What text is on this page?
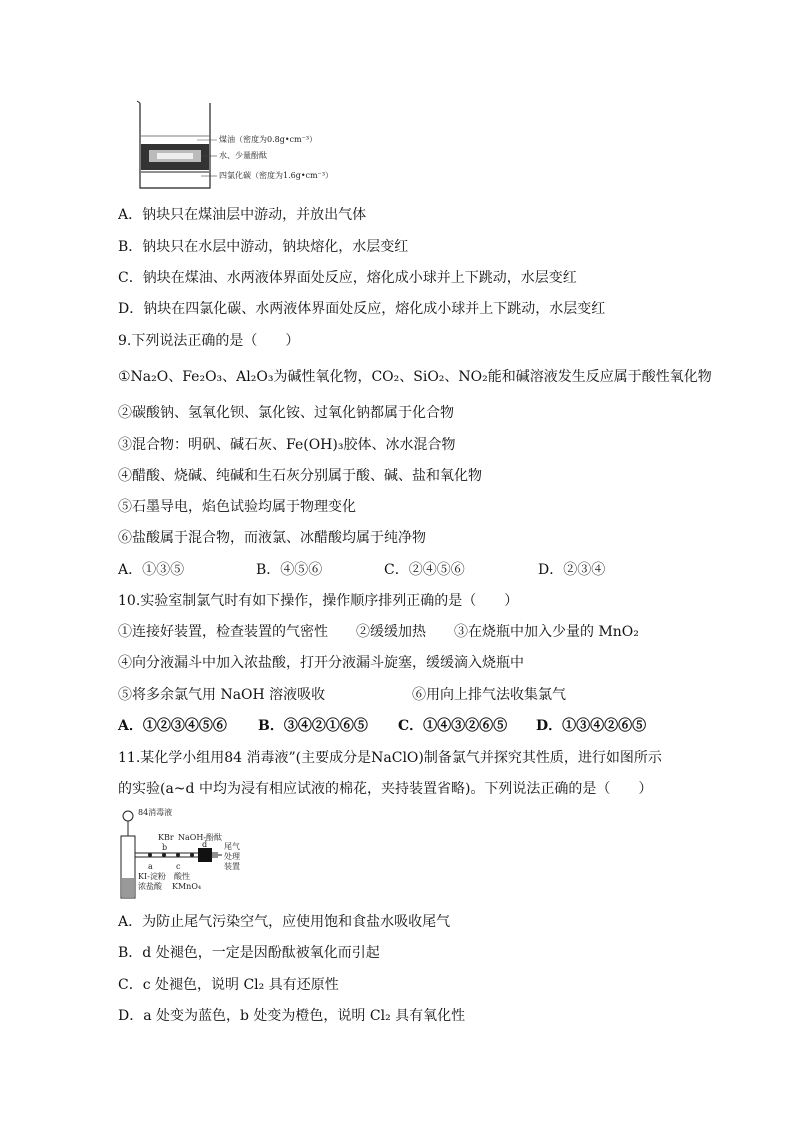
煤油（密度为0.8g•cm⁻³）
水、少量酚酞
四氯化碳（密度为1.6g•cm⁻³）
A．钠块只在煤油层中游动，并放出气体
B．钠块只在水层中游动，钠块熔化，水层变红
C．钠块在煤油、水两液体界面处反应，熔化成小球并上下跳动，水层变红
D．钠块在四氯化碳、水两液体界面处反应，熔化成小球并上下跳动，水层变红
9.下列说法正确的是（　　）
①Na₂O、Fe₂O₃、Al₂O₃为碱性氧化物，CO₂、SiO₂、NO₂能和碱溶液发生反应属于酸性氧化物
②碳酸钠、氢氧化钡、氯化铵、过氧化钠都属于化合物
③混合物：明矾、碱石灰、Fe(OH)₃胶体、冰水混合物
④醋酸、烧碱、纯碱和生石灰分别属于酸、碱、盐和氧化物
⑤石墨导电，焰色试验均属于物理变化
⑥盐酸属于混合物，而液氯、冰醋酸均属于纯净物
A．①③⑤	B．④⑤⑥	C．②④⑤⑥	D．②③④
10.实验室制氯气时有如下操作，操作顺序排列正确的是（　　）
①连接好装置，检查装置的气密性　　②缓缓加热　　③在烧瓶中加入少量的 MnO₂
④向分液漏斗中加入浓盐酸，打开分液漏斗旋塞，缓缓滴入烧瓶中
⑤将多余氯气用 NaOH 溶液吸收	⑥用向上排气法收集氯气
A．①②③④⑤⑥ B．③④②①⑥⑤ C．①④③②⑥⑤ D．①③④②⑥⑤
11.某化学小组用84 消毒液”(主要成分是NaClO)制备氯气并探究其性质，进行如图所示
的实验(a~d 中均为浸有相应试液的棉花，夹持装置省略)。下列说法正确的是（　　）
84消毒液
KBr NaOH-酚酞
b	d
a	c
尾气
处理
装置
KI-淀粉 酸性
浓盐酸 KMnO₄
A．为防止尾气污染空气，应使用饱和食盐水吸收尾气
B．d 处褪色，一定是因酚酞被氧化而引起
C．c 处褪色，说明 Cl₂ 具有还原性
D．a 处变为蓝色，b 处变为橙色，说明 Cl₂ 具有氧化性
